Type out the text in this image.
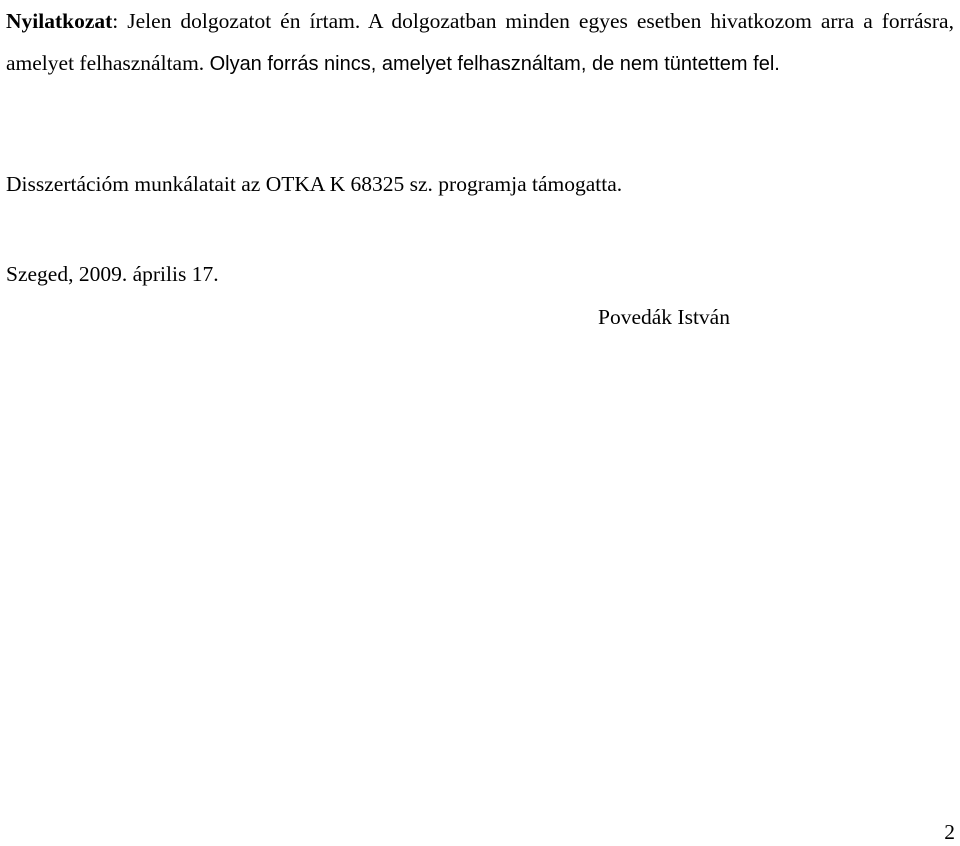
Nyilatkozat: Jelen dolgozatot én írtam. A dolgozatban minden egyes esetben hivatkozom arra a forrásra, amelyet felhasználtam. Olyan forrás nincs, amelyet felhasználtam, de nem tüntettem fel.

Disszertációm munkálatait az OTKA K 68325 sz. programja támogatta.

Szeged, 2009. április 17.

Povedák István

2
